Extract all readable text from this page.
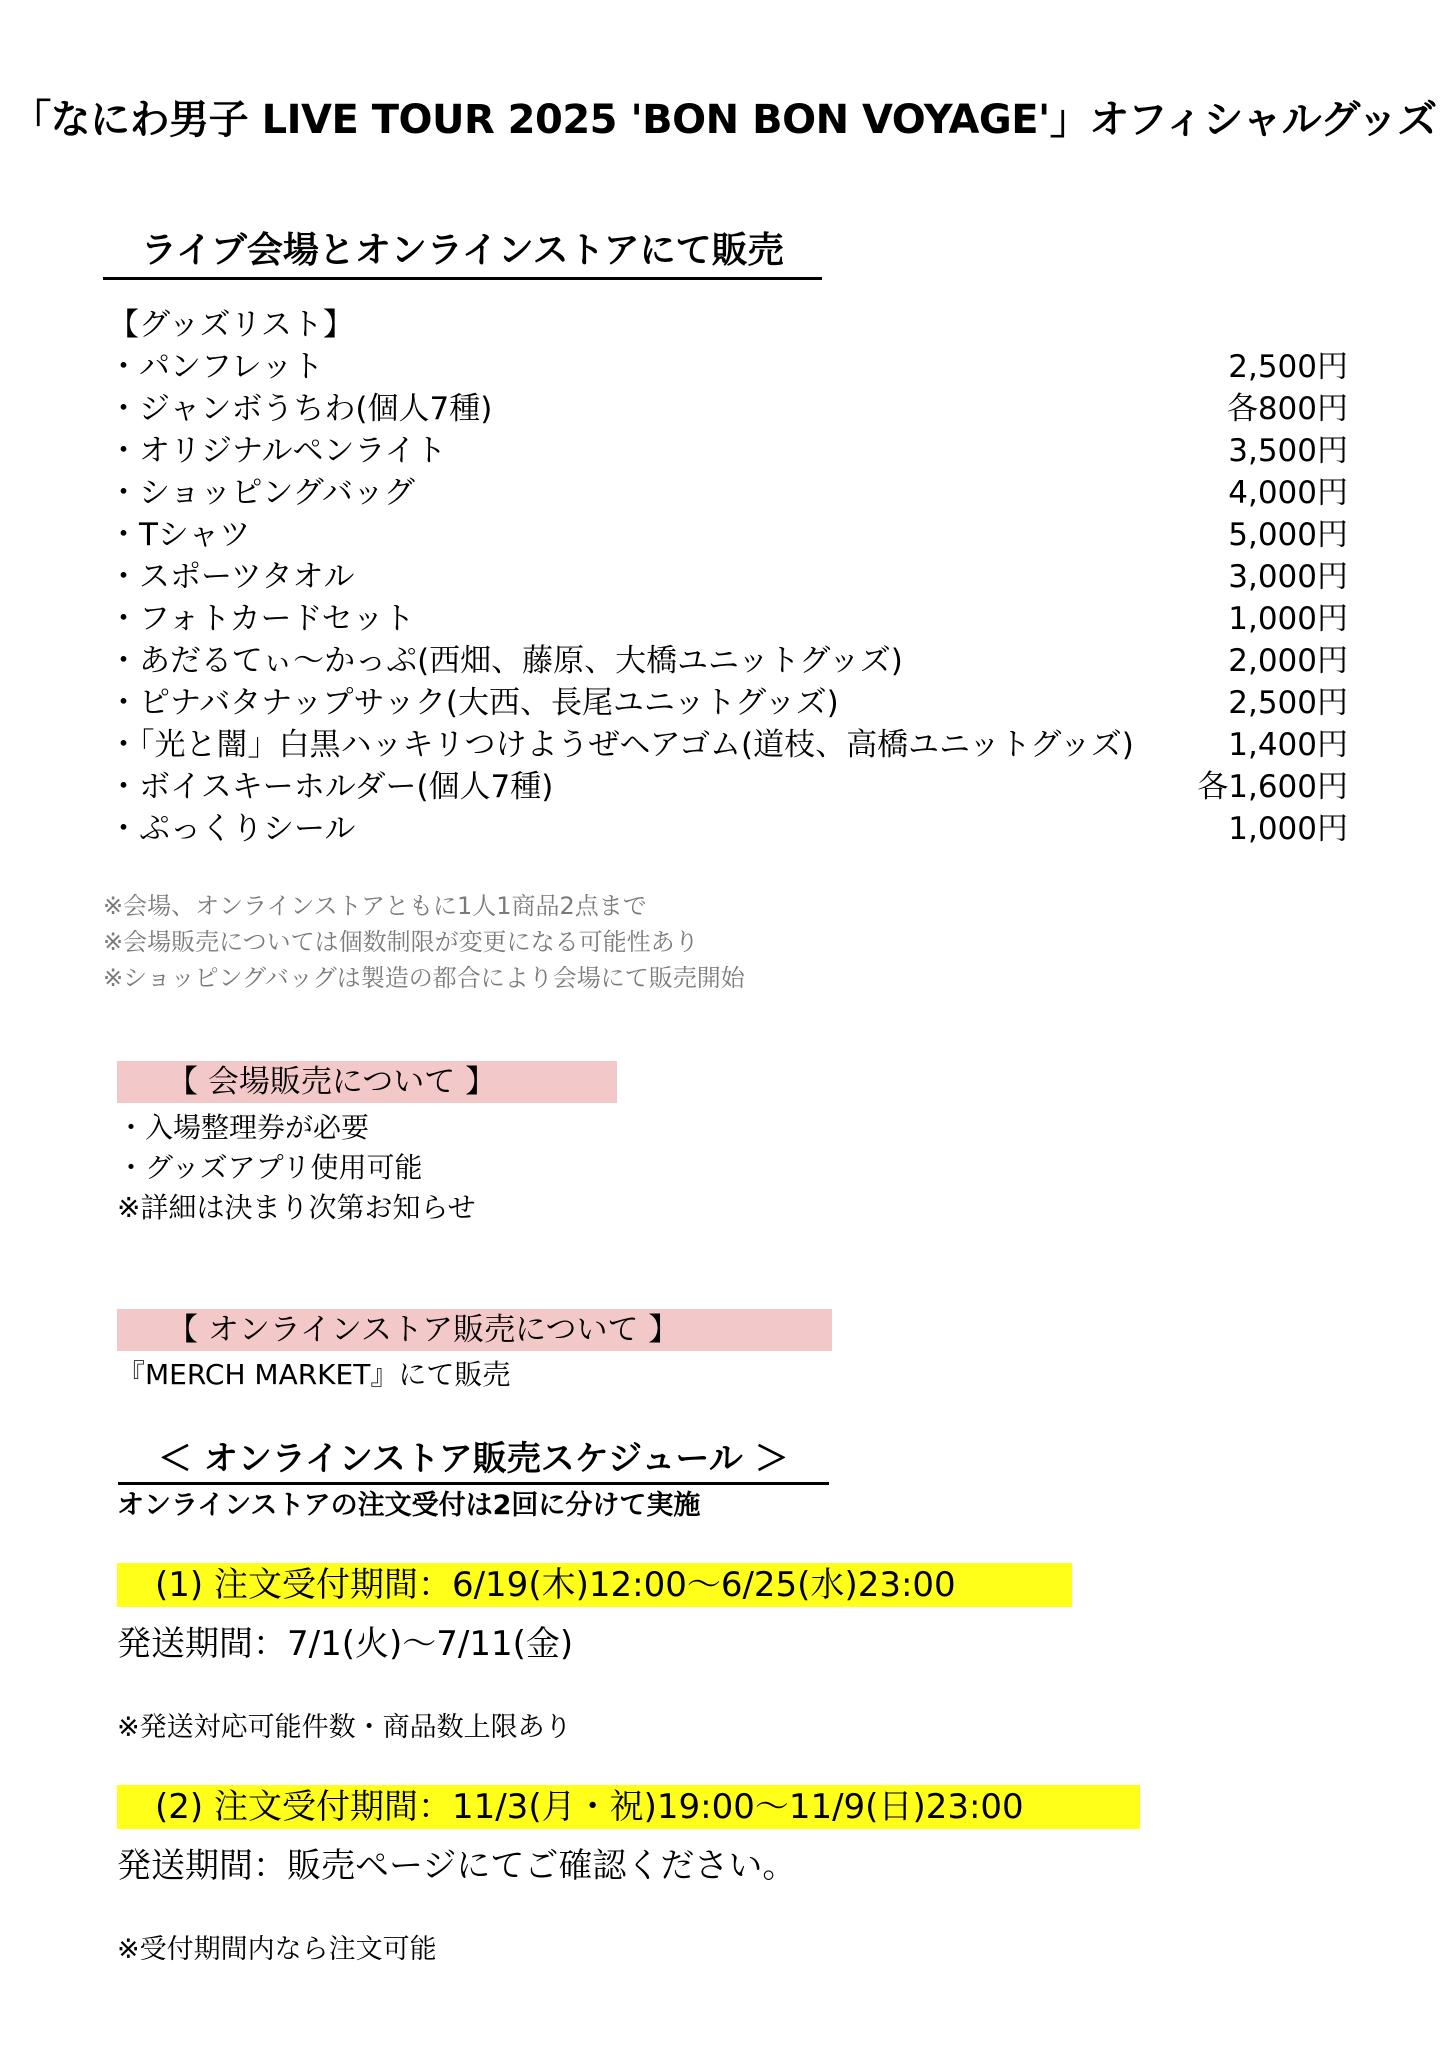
「なにわ男子 LIVE TOUR 2025 'BON BON VOYAGE'」オフィシャルグッズ
ライブ会場とオンラインストアにて販売
【グッズリスト】
・パンフレット	2,500円
・ジャンボうちわ(個人7種)	各800円
・オリジナルペンライト	3,500円
・ショッピングバッグ	4,000円
・Tシャツ	5,000円
・スポーツタオル	3,000円
・フォトカードセット	1,000円
・あだるてぃ～かっぷ(西畑、藤原、大橋ユニットグッズ)	2,000円
・ピナバタナップサック(大西、長尾ユニットグッズ)	2,500円
・「光と闇」白黒ハッキリつけようぜヘアゴム(道枝、高橋ユニットグッズ)	1,400円
・ボイスキーホルダー(個人7種)	各1,600円
・ぷっくりシール	1,000円
※会場、オンラインストアともに1人1商品2点まで
※会場販売については個数制限が変更になる可能性あり
※ショッピングバッグは製造の都合により会場にて販売開始
【 会場販売について 】
・入場整理券が必要
・グッズアプリ使用可能
※詳細は決まり次第お知らせ
【 オンラインストア販売について 】
『MERCH MARKET』にて販売
＜ オンラインストア販売スケジュール ＞
オンラインストアの注文受付は2回に分けて実施
(1) 注文受付期間：6/19(木)12:00～6/25(水)23:00
発送期間：7/1(火)～7/11(金)
※発送対応可能件数・商品数上限あり
(2) 注文受付期間：11/3(月・祝)19:00～11/9(日)23:00
発送期間：販売ページにてご確認ください。
※受付期間内なら注文可能
